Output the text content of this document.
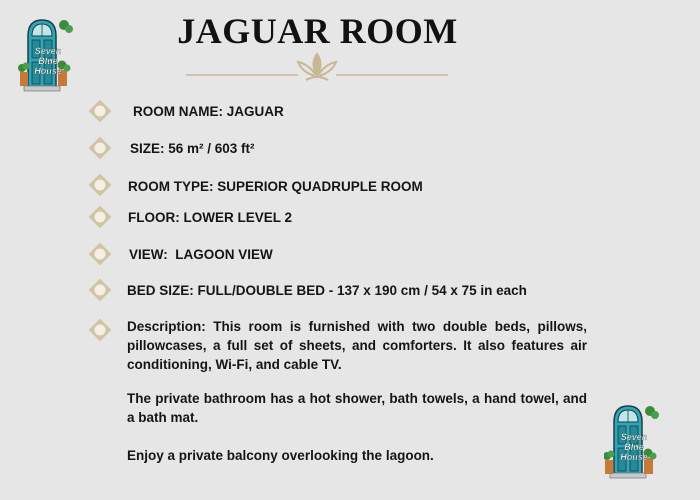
Seven
Blue
House
JAGUAR ROOM
ROOM NAME: JAGUAR
SIZE: 56 m² / 603 ft²
ROOM TYPE: SUPERIOR QUADRUPLE ROOM
FLOOR: LOWER LEVEL 2
VIEW:  LAGOON VIEW
BED SIZE: FULL/DOUBLE BED - 137 x 190 cm / 54 x 75 in each
Description: This room is furnished with two double beds, pillows, pillowcases, a full set of sheets, and comforters. It also features air conditioning, Wi-Fi, and cable TV.
The private bathroom has a hot shower, bath towels, a hand towel, and a bath mat.
Enjoy a private balcony overlooking the lagoon.
Seven
Blue
House
